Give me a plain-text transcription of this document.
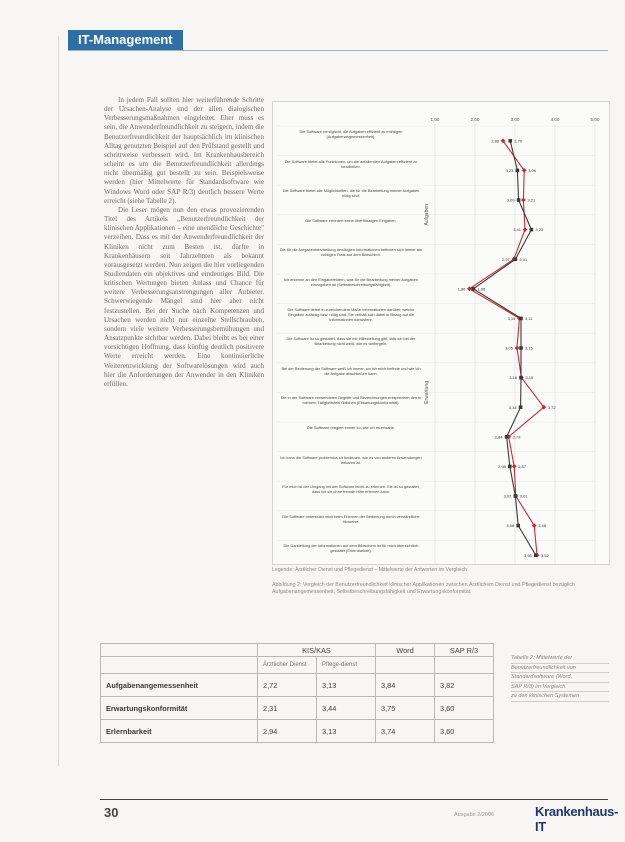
IT-Management

In jedem Fall sollten hier weiterführende Schritte der Ursachen-Analyse und der allen dialogischen Verbesserungsmaßnahmen eingeleitet. Eher muss es sein, die Anwenderfreundlichkeit zu steigern, indem die Benutzerfreundlichkeit der hauptsächlich im klinischen Alltag genutzten Beispiel auf den Prüfstand gestellt und schrittweise verbessert wird. Im Krankenhausbereich scheint es um die Benutzerfreundlichkeit allerdings nicht übermäßig gut bestellt zu sein. Beispielsweise werden (hier Mittelwerte für Standardsoftware wie Windows Word oder SAP R/3) deutlich bessere Werte erreicht (siehe Tabelle 2).

Die Leser mögen nun den etwas provozierenden Titel des Artikels „Benutzerfreundlichkeit der klinischen Applikationen – eine unendliche Geschichte" verzeihen. Dass es mit der Anwenderfreundlichkeit der Kliniken nicht zum Besten ist, dürfte in Krankenhäusern seit Jahrzehnten als bekannt vorausgesetzt werden. Nun zeigen die hier vorliegenden Studiendaten ein objektives und eindeutiges Bild. Die kritischen Wertungen bieten Anlass und Chance für weitere Verbesserungsanstrengungen aller Anbieter. Schwerwiegende Mängel sind hier aber nicht festzustellen. Bei der Suche nach Kompetenzen und Ursachen werden nicht nur einzelne Stellschrauben, sondern viele weitere Verbesserungsbemühungen und Ansatzpunkte sichtbar werden. Dabei bleibt es bei einer vorsichtigen Hoffnung, dass künftig deutlich positivere Werte erreicht werden. Eine kontinuierliche Weiterentwicklung der Softwarelösungen wird auch hier die Anforderungen der Anwender in den Kliniken erfüllen.

1,00	2,00	3,00	4,00	5,00
Die Software ermöglicht, die Aufgaben effizient zu erledigen (Aufgabenangemessenheit).
Die Software bietet alle Funktionen, um die anfallenden Aufgaben effizient zu bearbeiten.
Die Software bietet alle Möglichkeiten, die für die Bearbeitung meiner Aufgaben nötig sind.
Die Software erfordert keine überflüssigen Eingaben.
Die für die Aufgabenbearbeitung benötigten Informationen befinden sich immer am richtigen Platz auf dem Bildschirm.
Ich erkenne an den Eingabefeldern, was für die Bearbeitung meiner Aufgaben einzugeben ist (Selbstbeschreibungsfähigkeit).
Die Software liefert in zureichendem Maße Informationen darüber, welche Eingaben zulässig bzw. nötig sind. Sie verhält sich dabei in Bezug auf die Informationen konsistent.
Die Software ist so gestaltet, dass sie mir Hilfestellung gibt, falls ich bei der Bearbeitung nicht weiß, wie es weitergeht.
Bei der Bedienung der Software weiß ich immer, wo ich mich befinde und wie ich die Aufgabe abschließen kann.
Die in der Software verwendeten Begriffe und Bezeichnungen entsprechen den in meinem Tätigkeitsfeld üblichen (Erwartungskonformität).
Die Software reagiert immer so, wie ich es erwarte.
Ich kann die Software problemlos so bedienen, wie es von anderen Anwendungen bekannt ist.
Für mich ist der Umgang mit der Software leicht zu erlernen. Sie ist so gestaltet, dass ich sie ohne fremde Hilfe erlernen kann.
Die Software unterstützt mich beim Erlernen der Bedienung durch verständliche Hinweise.
Die Darstellung der Informationen auf dem Bildschirm ist für mich übersichtlich gestaltet (Erlernbarkeit).
Aufgaben
Erwartung
2,88	2,70
3,23	3,06
3,09	3,21
3,41	3,25
2,97 3,01
1,86	1,96
3,15 3,11
3,05	3,15
3,16 3,15
3,14	3,72
2,84 2,79
2,98	2,87
3,02 3,01
3,08	3,48
3,55 3,52
Legende: Ärztlicher Dienst und Pflegedienst – Mittelwerte der Antworten im Vergleich
Abbildung 2: Vergleich der Benutzerfreundlichkeit klinischer Applikationen zwischen Ärztlichem Dienst und Pflegedienst bezüglich Aufgabenangemessenheit, Selbstbeschreibungsfähigkeit und Erwartungskonformität.
	KIS/KAS		Word	SAP R/3
	Ärztlicher Dienst	Pflege-dienst		
Aufgabenangemessenheit	2,72	3,13	3,84	3,82
Erwartungskonformität	2,31	3,44	3,75	3,60
Erlernbarkeit	2,94	3,13	3,74	3,60
Tabelle 2: Mittelwerte der
Benutzerfreundlichkeit von
Standardsoftware (Word,
SAP R/3) im Vergleich
zu den klinischen Systemen
30	Ausgabe 2/2006	Krankenhaus-IT
